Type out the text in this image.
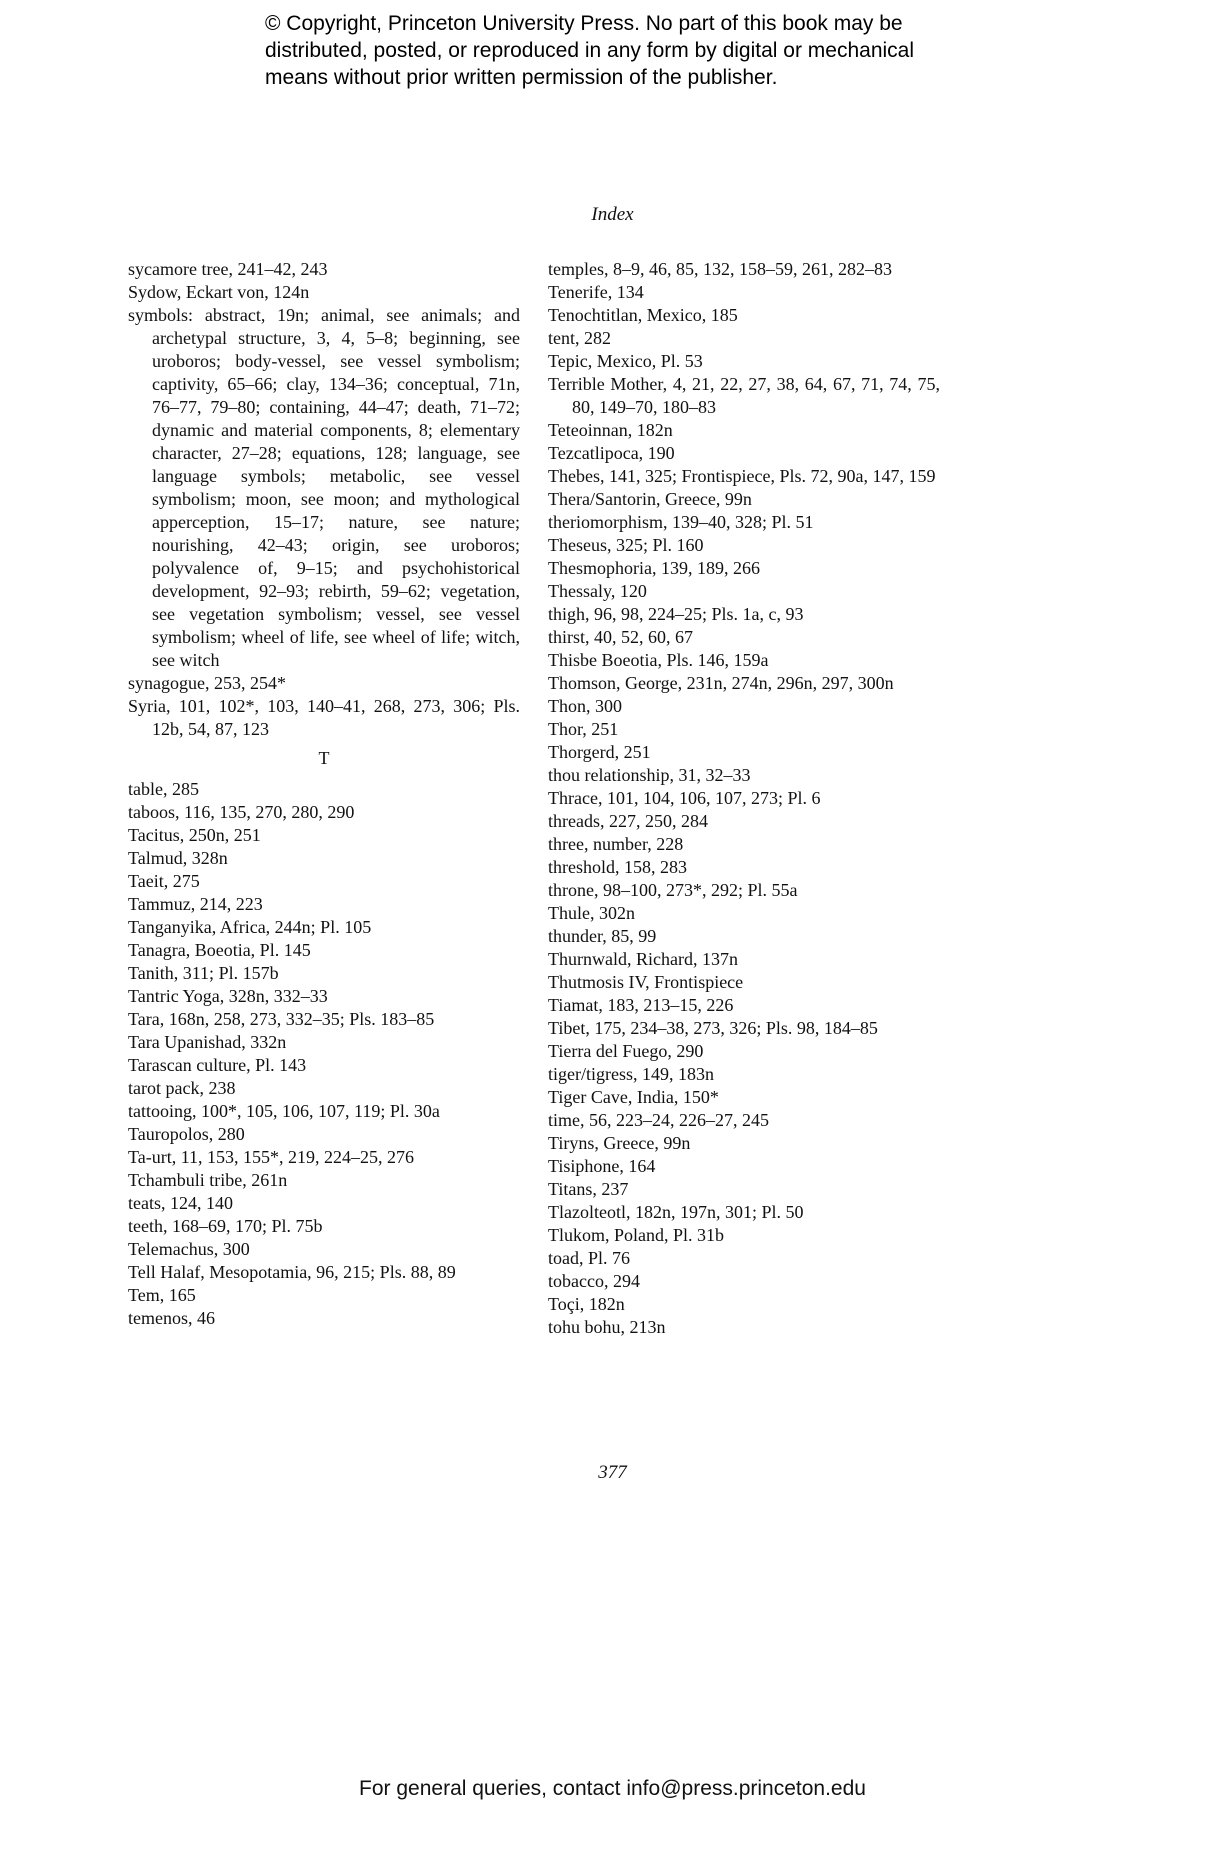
© Copyright, Princeton University Press. No part of this book may be
distributed, posted, or reproduced in any form by digital or mechanical
means without prior written permission of the publisher.
Index
sycamore tree, 241–42, 243
Sydow, Eckart von, 124n
symbols: abstract, 19n; animal, see animals; and archetypal structure, 3, 4, 5–8; beginning, see uroboros; body-vessel, see vessel symbolism; captivity, 65–66; clay, 134–36; conceptual, 71n, 76–77, 79–80; containing, 44–47; death, 71–72; dynamic and material components, 8; elementary character, 27–28; equations, 128; language, see language symbols; metabolic, see vessel symbolism; moon, see moon; and mythological apperception, 15–17; nature, see nature; nourishing, 42–43; origin, see uroboros; polyvalence of, 9–15; and psychohistorical development, 92–93; rebirth, 59–62; vegetation, see vegetation symbolism; vessel, see vessel symbolism; wheel of life, see wheel of life; witch, see witch
synagogue, 253, 254*
Syria, 101, 102*, 103, 140–41, 268, 273, 306; Pls. 12b, 54, 87, 123
T
table, 285
taboos, 116, 135, 270, 280, 290
Tacitus, 250n, 251
Talmud, 328n
Taeit, 275
Tammuz, 214, 223
Tanganyika, Africa, 244n; Pl. 105
Tanagra, Boeotia, Pl. 145
Tanith, 311; Pl. 157b
Tantric Yoga, 328n, 332–33
Tara, 168n, 258, 273, 332–35; Pls. 183–85
Tara Upanishad, 332n
Tarascan culture, Pl. 143
tarot pack, 238
tattooing, 100*, 105, 106, 107, 119; Pl. 30a
Tauropolos, 280
Ta-urt, 11, 153, 155*, 219, 224–25, 276
Tchambuli tribe, 261n
teats, 124, 140
teeth, 168–69, 170; Pl. 75b
Telemachus, 300
Tell Halaf, Mesopotamia, 96, 215; Pls. 88, 89
Tem, 165
temenos, 46
temples, 8–9, 46, 85, 132, 158–59, 261, 282–83
Tenerife, 134
Tenochtitlan, Mexico, 185
tent, 282
Tepic, Mexico, Pl. 53
Terrible Mother, 4, 21, 22, 27, 38, 64, 67, 71, 74, 75, 80, 149–70, 180–83
Teteoinnan, 182n
Tezcatlipoca, 190
Thebes, 141, 325; Frontispiece, Pls. 72, 90a, 147, 159
Thera/Santorin, Greece, 99n
theriomorphism, 139–40, 328; Pl. 51
Theseus, 325; Pl. 160
Thesmophoria, 139, 189, 266
Thessaly, 120
thigh, 96, 98, 224–25; Pls. 1a, c, 93
thirst, 40, 52, 60, 67
Thisbe Boeotia, Pls. 146, 159a
Thomson, George, 231n, 274n, 296n, 297, 300n
Thon, 300
Thor, 251
Thorgerd, 251
thou relationship, 31, 32–33
Thrace, 101, 104, 106, 107, 273; Pl. 6
threads, 227, 250, 284
three, number, 228
threshold, 158, 283
throne, 98–100, 273*, 292; Pl. 55a
Thule, 302n
thunder, 85, 99
Thurnwald, Richard, 137n
Thutmosis IV, Frontispiece
Tiamat, 183, 213–15, 226
Tibet, 175, 234–38, 273, 326; Pls. 98, 184–85
Tierra del Fuego, 290
tiger/tigress, 149, 183n
Tiger Cave, India, 150*
time, 56, 223–24, 226–27, 245
Tiryns, Greece, 99n
Tisiphone, 164
Titans, 237
Tlazolteotl, 182n, 197n, 301; Pl. 50
Tlukom, Poland, Pl. 31b
toad, Pl. 76
tobacco, 294
Toçi, 182n
tohu bohu, 213n
377
For general queries, contact info@press.princeton.edu
